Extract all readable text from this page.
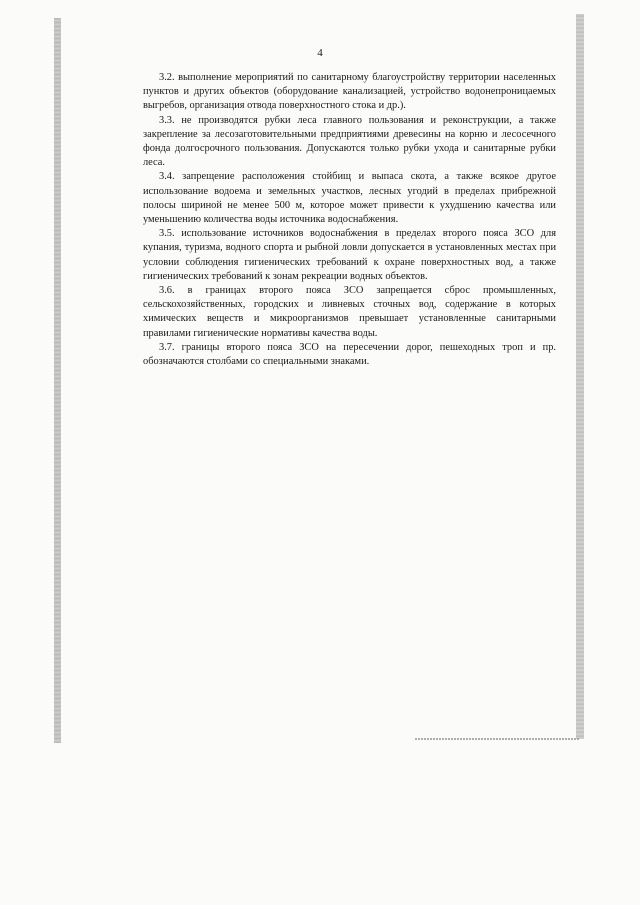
4

3.2. выполнение мероприятий по санитарному благоустройству территории населенных пунктов и других объектов (оборудование канализацией, устройство водонепроницаемых выгребов, организация отвода поверхностного стока и др.).

3.3. не производятся рубки леса главного пользования и реконструкции, а также закрепление за лесозаготовительными предприятиями древесины на корню и лесосечного фонда долгосрочного пользования. Допускаются только рубки ухода и санитарные рубки леса.

3.4. запрещение расположения стойбищ и выпаса скота, а также всякое другое использование водоема и земельных участков, лесных угодий в пределах прибрежной полосы шириной не менее 500 м, которое может привести к ухудшению качества или уменьшению количества воды источника водоснабжения.

3.5. использование источников водоснабжения в пределах второго пояса ЗСО для купания, туризма, водного спорта и рыбной ловли допускается в установленных местах при условии соблюдения гигиенических требований к охране поверхностных вод, а также гигиенических требований к зонам рекреации водных объектов.

3.6. в границах второго пояса ЗСО запрещается сброс промышленных, сельскохозяйственных, городских и ливневых сточных вод, содержание в которых химических веществ и микроорганизмов превышает установленные санитарными правилами гигиенические нормативы качества воды.

3.7. границы второго пояса ЗСО на пересечении дорог, пешеходных троп и пр. обозначаются столбами со специальными знаками.
